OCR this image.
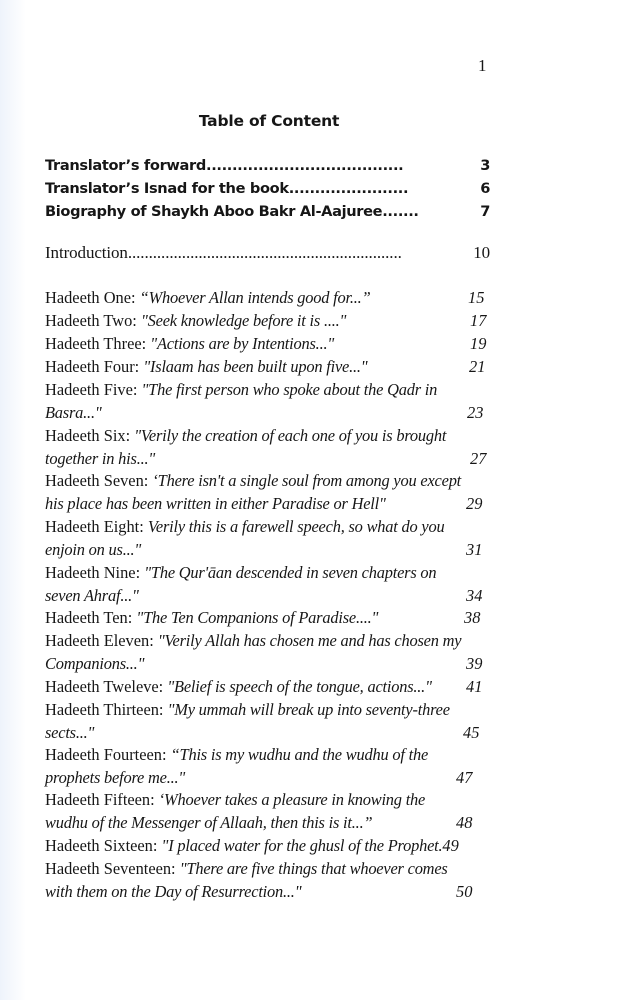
1
Table of Content
Translator’s forward......................................	3
Translator’s Isnad for the book.......................	6
Biography of Shaykh Aboo Bakr Al-Aajuree.......	7
Introduction..................................................................	10
Hadeeth One: “Whoever Allan intends good for...”	15
Hadeeth Two: "Seek knowledge before it is ...."	17
Hadeeth Three: "Actions are by Intentions..."	19
Hadeeth Four: "Islaam has been built upon five..."	21
Hadeeth Five: "The first person who spoke about the Qadr in
Basra..."	23
Hadeeth Six: "Verily the creation of each one of you is brought
together in his..."	27
Hadeeth Seven: ‘There isn't a single soul from among you except
his place has been written in either Paradise or Hell"	29
Hadeeth Eight: Verily this is a farewell speech, so what do you
enjoin on us..."	31
Hadeeth Nine: "The Qur'āan descended in seven chapters on
seven Ahraf..."	34
Hadeeth Ten: "The Ten Companions of Paradise...."	38
Hadeeth Eleven: "Verily Allah has chosen me and has chosen my
Companions..."	39
Hadeeth Tweleve: "Belief is speech of the tongue, actions..." 41
Hadeeth Thirteen: "My ummah will break up into seventy-three
sects..."	45
Hadeeth Fourteen: “This is my wudhu and the wudhu of the
prophets before me..."	47
Hadeeth Fifteen: ‘Whoever takes a pleasure in knowing the
wudhu of the Messenger of Allaah, then this is it...”	48
Hadeeth Sixteen: "I placed water for the ghusl of the Prophet.49
Hadeeth Seventeen: "There are five things that whoever comes
with them on the Day of Resurrection..."	50
